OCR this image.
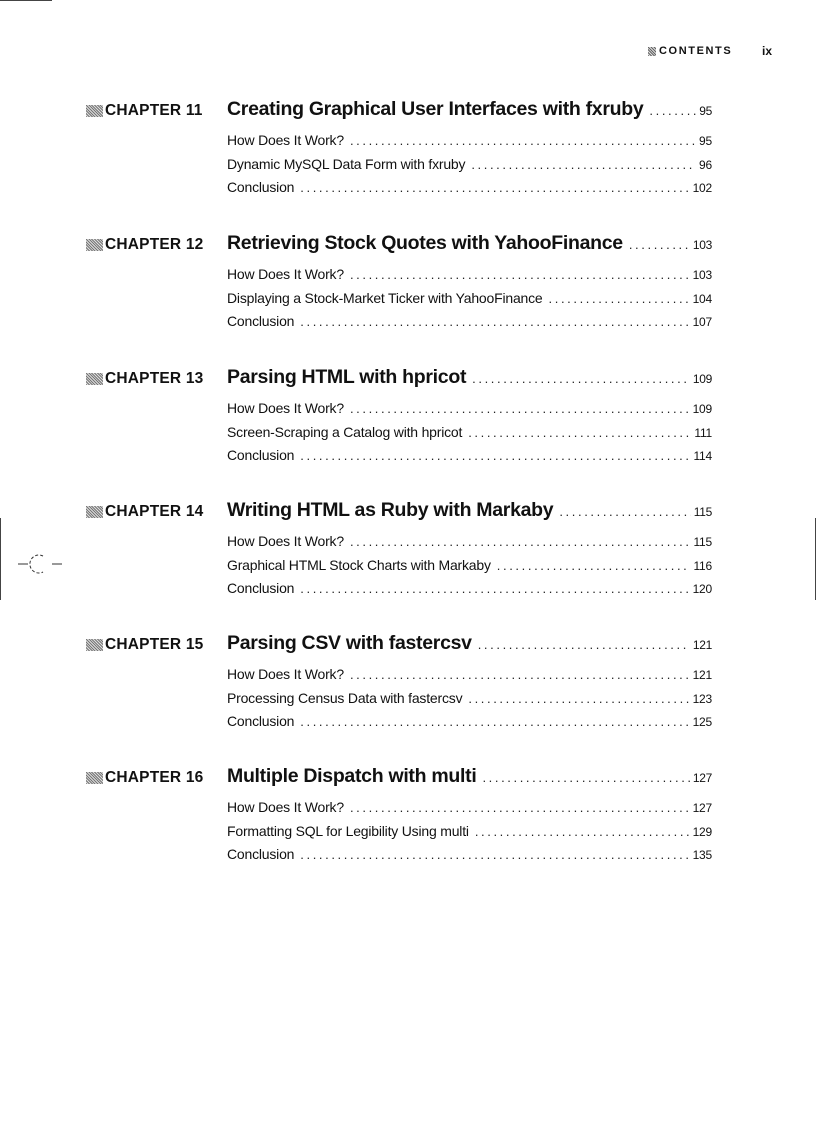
CONTENTS ix
CHAPTER 11 Creating Graphical User Interfaces with fxruby .....	95
How Does It Work? .....	95
Dynamic MySQL Data Form with fxruby .....	96
Conclusion .....	102
CHAPTER 12 Retrieving Stock Quotes with YahooFinance .....	103
How Does It Work? .....	103
Displaying a Stock-Market Ticker with YahooFinance .....	104
Conclusion .....	107
CHAPTER 13 Parsing HTML with hpricot .....	109
How Does It Work? .....	109
Screen-Scraping a Catalog with hpricot .....	111
Conclusion .....	114
CHAPTER 14 Writing HTML as Ruby with Markaby .....	115
How Does It Work? .....	115
Graphical HTML Stock Charts with Markaby .....	116
Conclusion .....	120
CHAPTER 15 Parsing CSV with fastercsv .....	121
How Does It Work? .....	121
Processing Census Data with fastercsv .....	123
Conclusion .....	125
CHAPTER 16 Multiple Dispatch with multi .....	127
How Does It Work? .....	127
Formatting SQL for Legibility Using multi .....	129
Conclusion .....	135
